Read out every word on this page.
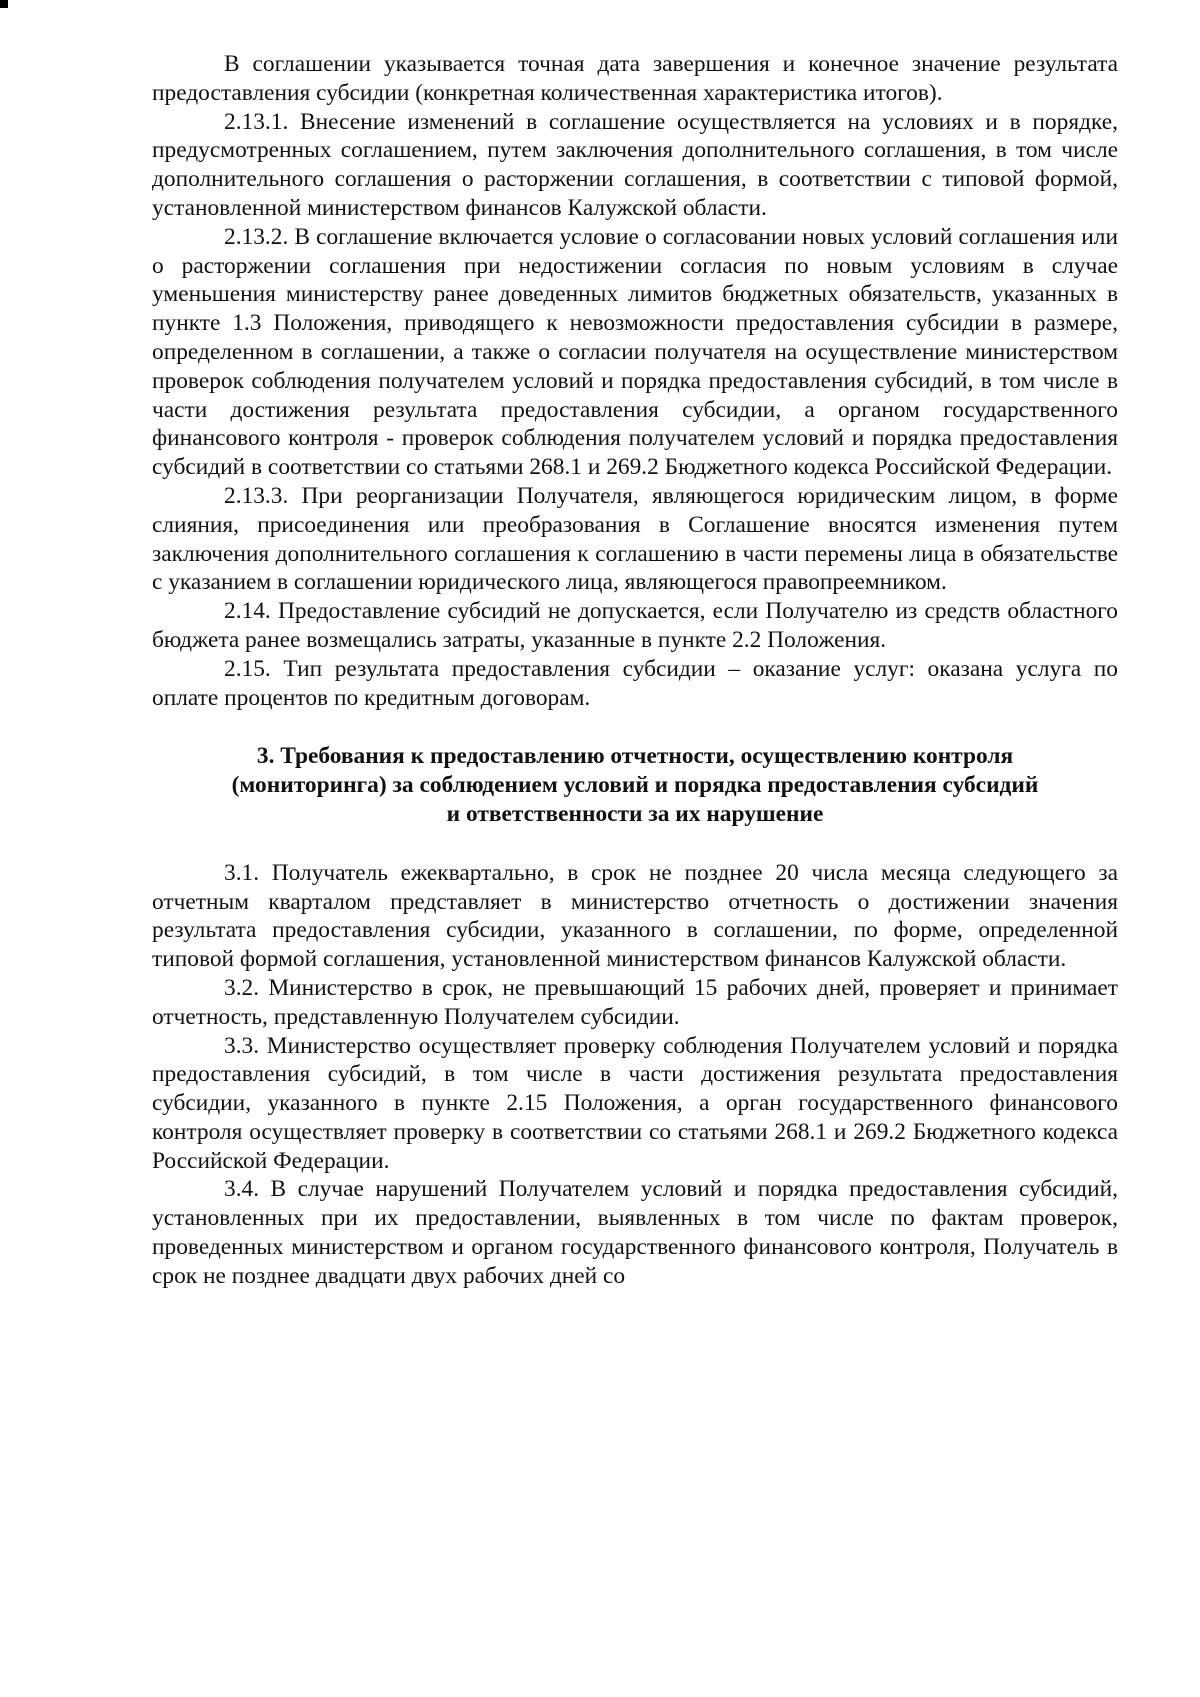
В соглашении указывается точная дата завершения и конечное значение результата предоставления субсидии (конкретная количественная характеристика итогов).

2.13.1. Внесение изменений в соглашение осуществляется на условиях и в порядке, предусмотренных соглашением, путем заключения дополнительного соглашения, в том числе дополнительного соглашения о расторжении соглашения, в соответствии с типовой формой, установленной министерством финансов Калужской области.

2.13.2. В соглашение включается условие о согласовании новых условий соглашения или о расторжении соглашения при недостижении согласия по новым условиям в случае уменьшения министерству ранее доведенных лимитов бюджетных обязательств, указанных в пункте 1.3 Положения, приводящего к невозможности предоставления субсидии в размере, определенном в соглашении, а также о согласии получателя на осуществление министерством проверок соблюдения получателем условий и порядка предоставления субсидий, в том числе в части достижения результата предоставления субсидии, а органом государственного финансового контроля - проверок соблюдения получателем условий и порядка предоставления субсидий в соответствии со статьями 268.1 и 269.2 Бюджетного кодекса Российской Федерации.

2.13.3. При реорганизации Получателя, являющегося юридическим лицом, в форме слияния, присоединения или преобразования в Соглашение вносятся изменения путем заключения дополнительного соглашения к соглашению в части перемены лица в обязательстве с указанием в соглашении юридического лица, являющегося правопреемником.

2.14. Предоставление субсидий не допускается, если Получателю из средств областного бюджета ранее возмещались затраты, указанные в пункте 2.2 Положения.

2.15. Тип результата предоставления субсидии – оказание услуг: оказана услуга по оплате процентов по кредитным договорам.

3. Требования к предоставлению отчетности, осуществлению контроля
(мониторинга) за соблюдением условий и порядка предоставления субсидий
и ответственности за их нарушение

3.1. Получатель ежеквартально, в срок не позднее 20 числа месяца следующего за отчетным кварталом представляет в министерство отчетность о достижении значения результата предоставления субсидии, указанного в соглашении, по форме, определенной типовой формой соглашения, установленной министерством финансов Калужской области.

3.2. Министерство в срок, не превышающий 15 рабочих дней, проверяет и принимает отчетность, представленную Получателем субсидии.

3.3. Министерство осуществляет проверку соблюдения Получателем условий и порядка предоставления субсидий, в том числе в части достижения результата предоставления субсидии, указанного в пункте 2.15 Положения, а орган государственного финансового контроля осуществляет проверку в соответствии со статьями 268.1 и 269.2 Бюджетного кодекса Российской Федерации.

3.4. В случае нарушений Получателем условий и порядка предоставления субсидий, установленных при их предоставлении, выявленных в том числе по фактам проверок, проведенных министерством и органом государственного финансового контроля, Получатель в срок не позднее двадцати двух рабочих дней со
